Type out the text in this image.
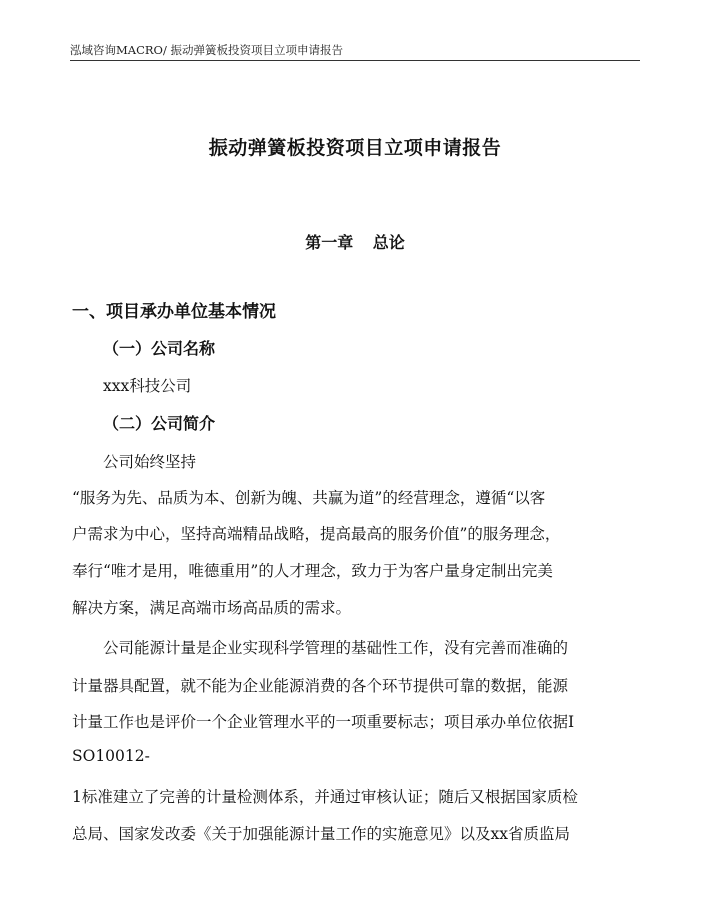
泓域咨询MACRO/ 振动弹簧板投资项目立项申请报告
振动弹簧板投资项目立项申请报告
第一章 总论
一、项目承办单位基本情况
（一）公司名称
xxx科技公司
（二）公司简介
公司始终坚持
“服务为先、品质为本、创新为魄、共赢为道”的经营理念，遵循“以客
户需求为中心，坚持高端精品战略，提高最高的服务价值”的服务理念，
奉行“唯才是用，唯德重用”的人才理念，致力于为客户量身定制出完美
解决方案，满足高端市场高品质的需求。
公司能源计量是企业实现科学管理的基础性工作，没有完善而准确的
计量器具配置，就不能为企业能源消费的各个环节提供可靠的数据，能源
计量工作也是评价一个企业管理水平的一项重要标志；项目承办单位依据I
SO10012-
1标准建立了完善的计量检测体系，并通过审核认证；随后又根据国家质检
总局、国家发改委《关于加强能源计量工作的实施意见》以及xx省质监局
